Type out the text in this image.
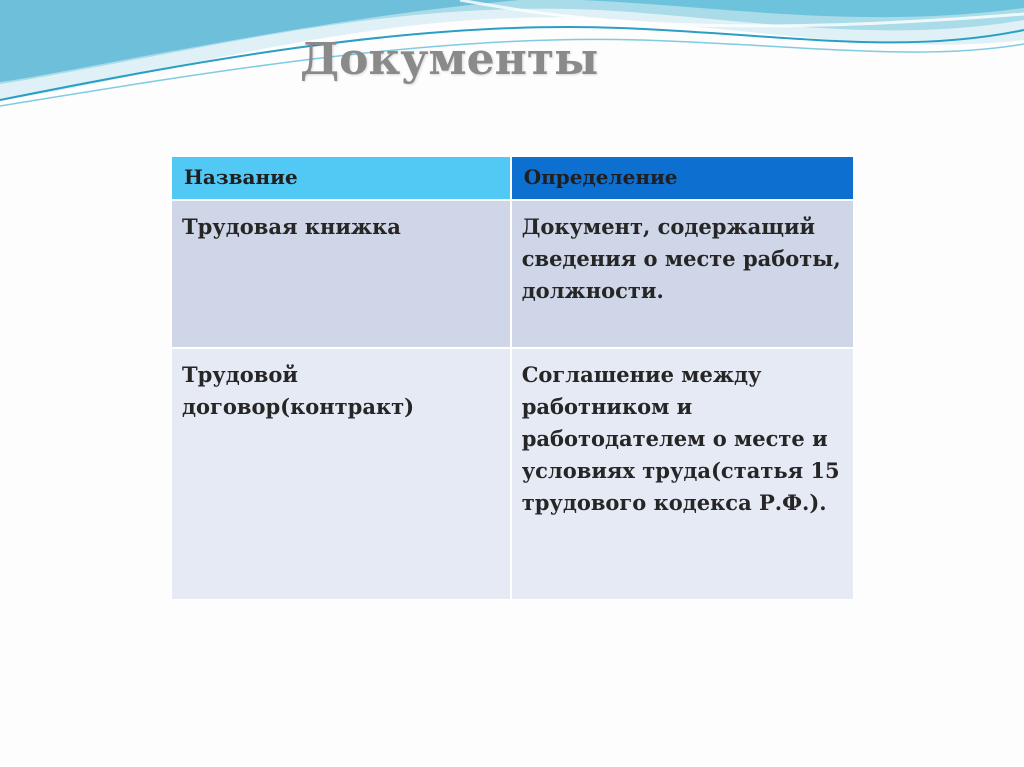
Документы
Название	Определение

Трудовая книжка	Документ, содержащий сведения о месте работы, должности.

Трудовой договор(контракт)	Соглашение между работником и работодателем о месте и условиях труда(статья 15 трудового кодекса Р.Ф.).
